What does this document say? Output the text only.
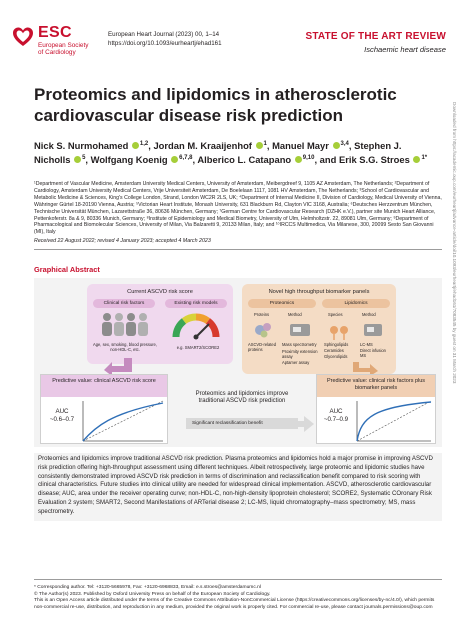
ESC
European Society
of Cardiology
European Heart Journal (2023) 00, 1–14
https://doi.org/10.1093/eurheartj/ehad161
STATE OF THE ART REVIEW
Ischaemic heart disease
Proteomics and lipidomics in atherosclerotic cardiovascular disease risk prediction
Nick S. Nurmohamed $^{1,2}$, Jordan M. Kraaijenhof $^1$, Manuel Mayr $^{3,4}$, Stephen J. Nicholls $^5$, Wolfgang Koenig $^{6,7,8}$, Alberico L. Catapano $^{9,10}$, and Erik S.G. Stroes $^{1*}$
¹Department of Vascular Medicine, Amsterdam University Medical Centers, University of Amsterdam, Meibergdreef 9, 1105 AZ Amsterdam, The Netherlands; ²Department of Cardiology, Amsterdam University Medical Centers, Vrije Universiteit Amsterdam, De Boelelaan 1117, 1081 HV Amsterdam, The Netherlands; ³School of Cardiovascular and Metabolic Medicine & Sciences, King's College London, Strand, London WC2R 2LS, UK; ⁴Department of Internal Medicine II, Division of Cardiology, Medical University of Vienna, Währinger Gürtel 18-20190 Vienna, Austria; ⁵Victorian Heart Institute, Monash University, 631 Blackburn Rd, Clayton VIC 3168, Australia; ⁶Deutsches Herzzentrum München, Technische Universität München, Lazarettstraße 36, 80636 München, Germany; ⁷German Centre for Cardiovascular Research (DZHK e.V.), partner site Munich Heart Alliance, Pettenkoferstr. 8a & 9, 80336 Munich, Germany; ⁸Institute of Epidemiology and Medical Biometry, University of Ulm, Helmholtzstr. 22, 89081 Ulm, Germany; ⁹Department of Pharmacological and Biomolecular Sciences, University of Milan, Via Balzaretti 9, 20133 Milan, Italy; and ¹⁰IRCCS Multimedica, Via Milanese, 300, 20099 Sesto San Giovanni (MI), Italy
Received 22 August 2022; revised 4 January 2023; accepted 4 March 2023
Graphical Abstract
Current ASCVD risk score
Clinical risk factors	Existing risk models
Age, sex, smoking, blood pressure, non-HDL-C, etc.	e.g. SMART2/SCORE2
Novel high throughput biomarker panels
Proteomics	Lipidomics
Proteins	Method	Species	Method
ASCVD-related proteins
Mass spectrometry
Proximity extension assay
Aptamer assay
Sphingolipids
Ceramides
Glycerolipids
LC-MS
Direct infusion MS
Predictive value: clinical ASCVD risk score
AUC
~0.6–0.7
Proteomics and lipidomics improve traditional ASCVD risk prediction
Significant reclassification benefit
Predictive value: clinical risk factors plus biomarker panels
AUC
~0.7–0.9
Proteomics and lipidomics improve traditional ASCVD risk prediction. Plasma proteomics and lipidomics hold a major promise in improving ASCVD risk prediction offering high-throughput assessment using different techniques. Albeit retrospectively, large proteomic and lipidomic studies have consistently demonstrated improved ASCVD risk prediction in terms of discrimination and reclassification benefit compared to risk scoring with clinical characteristics. Future studies into clinical utility are needed for widespread clinical implementation. ASCVD, atherosclerotic cardiovascular disease; AUC, area under the receiver operating curve; non-HDL-C, non-high-density lipoprotein cholesterol; SCORE2, Systematic COronary Risk Evaluation 2 system; SMART2, Second Manifestations of ARTerial disease 2; LC-MS, liquid chromatography–mass spectrometry; MS, mass spectrometry.
* Corresponding author. Tel: +3120-5665978, Fax: +3120-6968833, Email: e.s.stroes@amsterdamumc.nl
© The Author(s) 2023. Published by Oxford University Press on behalf of the European Society of Cardiology.
This is an Open Access article distributed under the terms of the Creative Commons Attribution-NonCommercial License (https://creativecommons.org/licenses/by-nc/4.0/), which permits non-commercial re-use, distribution, and reproduction in any medium, provided the original work is properly cited. For commercial re-use, please contact journals.permissions@oup.com
Downloaded from https://academic.oup.com/eurheartj/advance-article/doi/10.1093/eurheartj/ehad161/7083545 by guest on 31 March 2023
